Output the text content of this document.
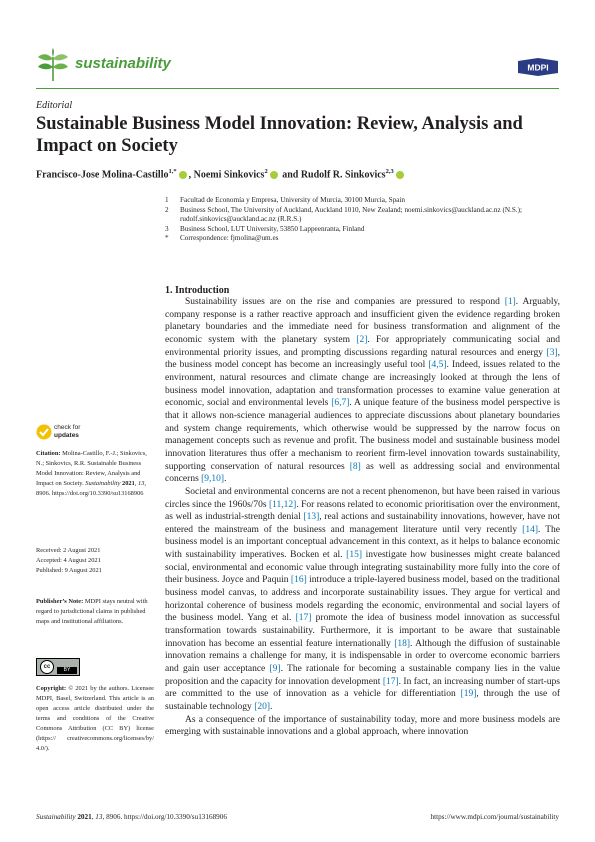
sustainability	MDPI
Editorial
Sustainable Business Model Innovation: Review, Analysis and Impact on Society
Francisco-Jose Molina-Castillo$^{1,*}$ , Noemi Sinkovics$^2$ and Rudolf R. Sinkovics$^{2,3}$
1	Facultad de Economía y Empresa, University of Murcia, 30100 Murcia, Spain
2	Business School, The University of Auckland, Auckland 1010, New Zealand; noemi.sinkovics@auckland.ac.nz (N.S.); rudolf.sinkovics@auckland.ac.nz (R.R.S.)
3	Business School, LUT University, 53850 Lappeenranta, Finland
*	Correspondence: fjmolina@um.es
1. Introduction

Sustainability issues are on the rise and companies are pressured to respond [1]. Arguably, company response is a rather reactive approach and insufficient given the evidence regarding broken planetary boundaries and the immediate need for business transformation and alignment of the economic system with the planetary system [2]. For appropriately communicating social and environmental priority issues, and prompting discussions regarding natural resources and energy [3], the business model concept has become an increasingly useful tool [4,5]. Indeed, issues related to the environment, natural resources and climate change are increasingly looked at through the lens of business model innovation, adaptation and transformation processes to examine value generation at economic, social and environmental levels [6,7]. A unique feature of the business model perspective is that it allows non-science managerial audiences to appreciate discussions about planetary boundaries and system change requirements, which otherwise would be suppressed by the narrow focus on management concepts such as revenue and profit. The business model and sustainable business model innovation literatures thus offer a mechanism to reorient firm-level innovation towards sustainability, supporting conservation of natural resources [8] as well as addressing social and environmental concerns [9,10].

Societal and environmental concerns are not a recent phenomenon, but have been raised in various circles since the 1960s/70s [11,12]. For reasons related to economic prioritisation over the environment, as well as industrial-strength denial [13], real actions and sustainability innovations, however, have not entered the mainstream of the business and management literature until very recently [14]. The business model is an important conceptual advancement in this context, as it helps to balance economic with sustainability imperatives. Bocken et al. [15] investigate how businesses might create balanced social, environmental and economic value through integrating sustainability more fully into the core of their business. Joyce and Paquin [16] introduce a triple-layered business model, based on the traditional business model canvas, to address and incorporate sustainability issues. They argue for vertical and horizontal coherence of business models regarding the economic, environmental and social layers of the business model. Yang et al. [17] promote the idea of business model innovation as successful transformation towards sustainability. Furthermore, it is important to be aware that sustainable innovation has become an essential feature internationally [18]. Although the diffusion of sustainable innovation remains a challenge for many, it is indispensable in order to overcome economic barriers and gain user acceptance [9]. The rationale for becoming a sustainable company lies in the value proposition and the capacity for innovation development [17]. In fact, an increasing number of start-ups are committed to the use of innovation as a vehicle for differentiation [19], through the use of sustainable technology [20].

As a consequence of the importance of sustainability today, more and more business models are emerging with sustainable innovations and a global approach, where innovation

check for
updates
Citation: Molina-Castillo, F.-J.; Sinkovics, N.; Sinkovics, R.R. Sustainable Business Model Innovation: Review, Analysis and Impact on Society. Sustainability 2021, 13, 8906. https://doi.org/10.3390/su13168906
Received: 2 August 2021
Accepted: 4 August 2021
Published: 9 August 2021
Publisher’s Note: MDPI stays neutral with regard to jurisdictional claims in published maps and institutional affiliations.
cc	BY
Copyright: © 2021 by the authors. Licensee MDPI, Basel, Switzerland. This article is an open access article distributed under the terms and conditions of the Creative Commons Attribution (CC BY) license (https:// creativecommons.org/licenses/by/ 4.0/).
Sustainability 2021, 13, 8906. https://doi.org/10.3390/su13168906	https://www.mdpi.com/journal/sustainability
